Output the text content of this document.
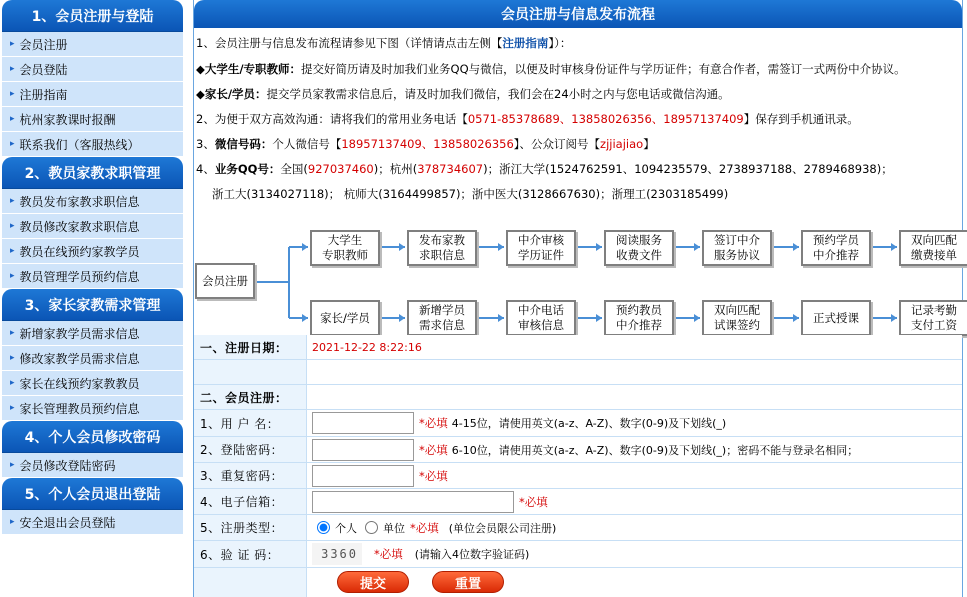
1、会员注册与登陆
▸ 会员注册
▸ 会员登陆
▸ 注册指南
▸ 杭州家教课时报酬
▸ 联系我们（客服热线）
2、教员家教求职管理
▸ 教员发布家教求职信息
▸ 教员修改家教求职信息
▸ 教员在线预约家教学员
▸ 教员管理学员预约信息
3、家长家教需求管理
▸ 新增家教学员需求信息
▸ 修改家教学员需求信息
▸ 家长在线预约家教教员
▸ 家长管理教员预约信息
4、个人会员修改密码
▸ 会员修改登陆密码
5、个人会员退出登陆
▸ 安全退出会员登陆
会员注册与信息发布流程
1、会员注册与信息发布流程请参见下图（详情请点击左侧【注册指南】）：
◆大学生/专职教师：提交好简历请及时加我们业务QQ与微信，以便及时审核身份证件与学历证件；有意合作者，需签订一式两份中介协议。
◆家长/学员：提交学员家教需求信息后，请及时加我们微信，我们会在24小时之内与您电话或微信沟通。
2、为便于双方高效沟通：请将我们的常用业务电话【0571-85378689、13858026356、18957137409】保存到手机通讯录。
3、微信号码：个人微信号【18957137409、13858026356】、公众订阅号【zjjiajiao】
4、业务QQ号：全国(927037460)；杭州(378734607)；浙江大学(1524762591、1094235579、2738937188、2789468938)；
浙工大(3134027118)； 杭师大(3164499857)；浙中医大(3128667630)；浙理工(2303185499)
会员注册
大学生
专职教师
发布家教
求职信息
中介审核
学历证件
阅读服务
收费文件
签订中介
服务协议
预约学员
中介推荐
双向匹配
缴费接单
家长/学员
新增学员
需求信息
中介电话
审核信息
预约教员
中介推荐
双向匹配
试课签约
正式授课
记录考勤
支付工资
一、注册日期：	2021-12-22 8:22:16
二、会员注册：
1、用 户 名：	*必填 4-15位，请使用英文(a-z、A-Z)、数字(0-9)及下划线(_)
2、登陆密码：	*必填 6-10位，请使用英文(a-z、A-Z)、数字(0-9)及下划线(_)；密码不能与登录名相同；
3、重复密码：	*必填
4、电子信箱：	*必填
5、注册类型：	个人 单位 *必填 (单位会员限公司注册)
6、验 证 码：	3360 *必填 (请输入4位数字验证码)
提交	重置
